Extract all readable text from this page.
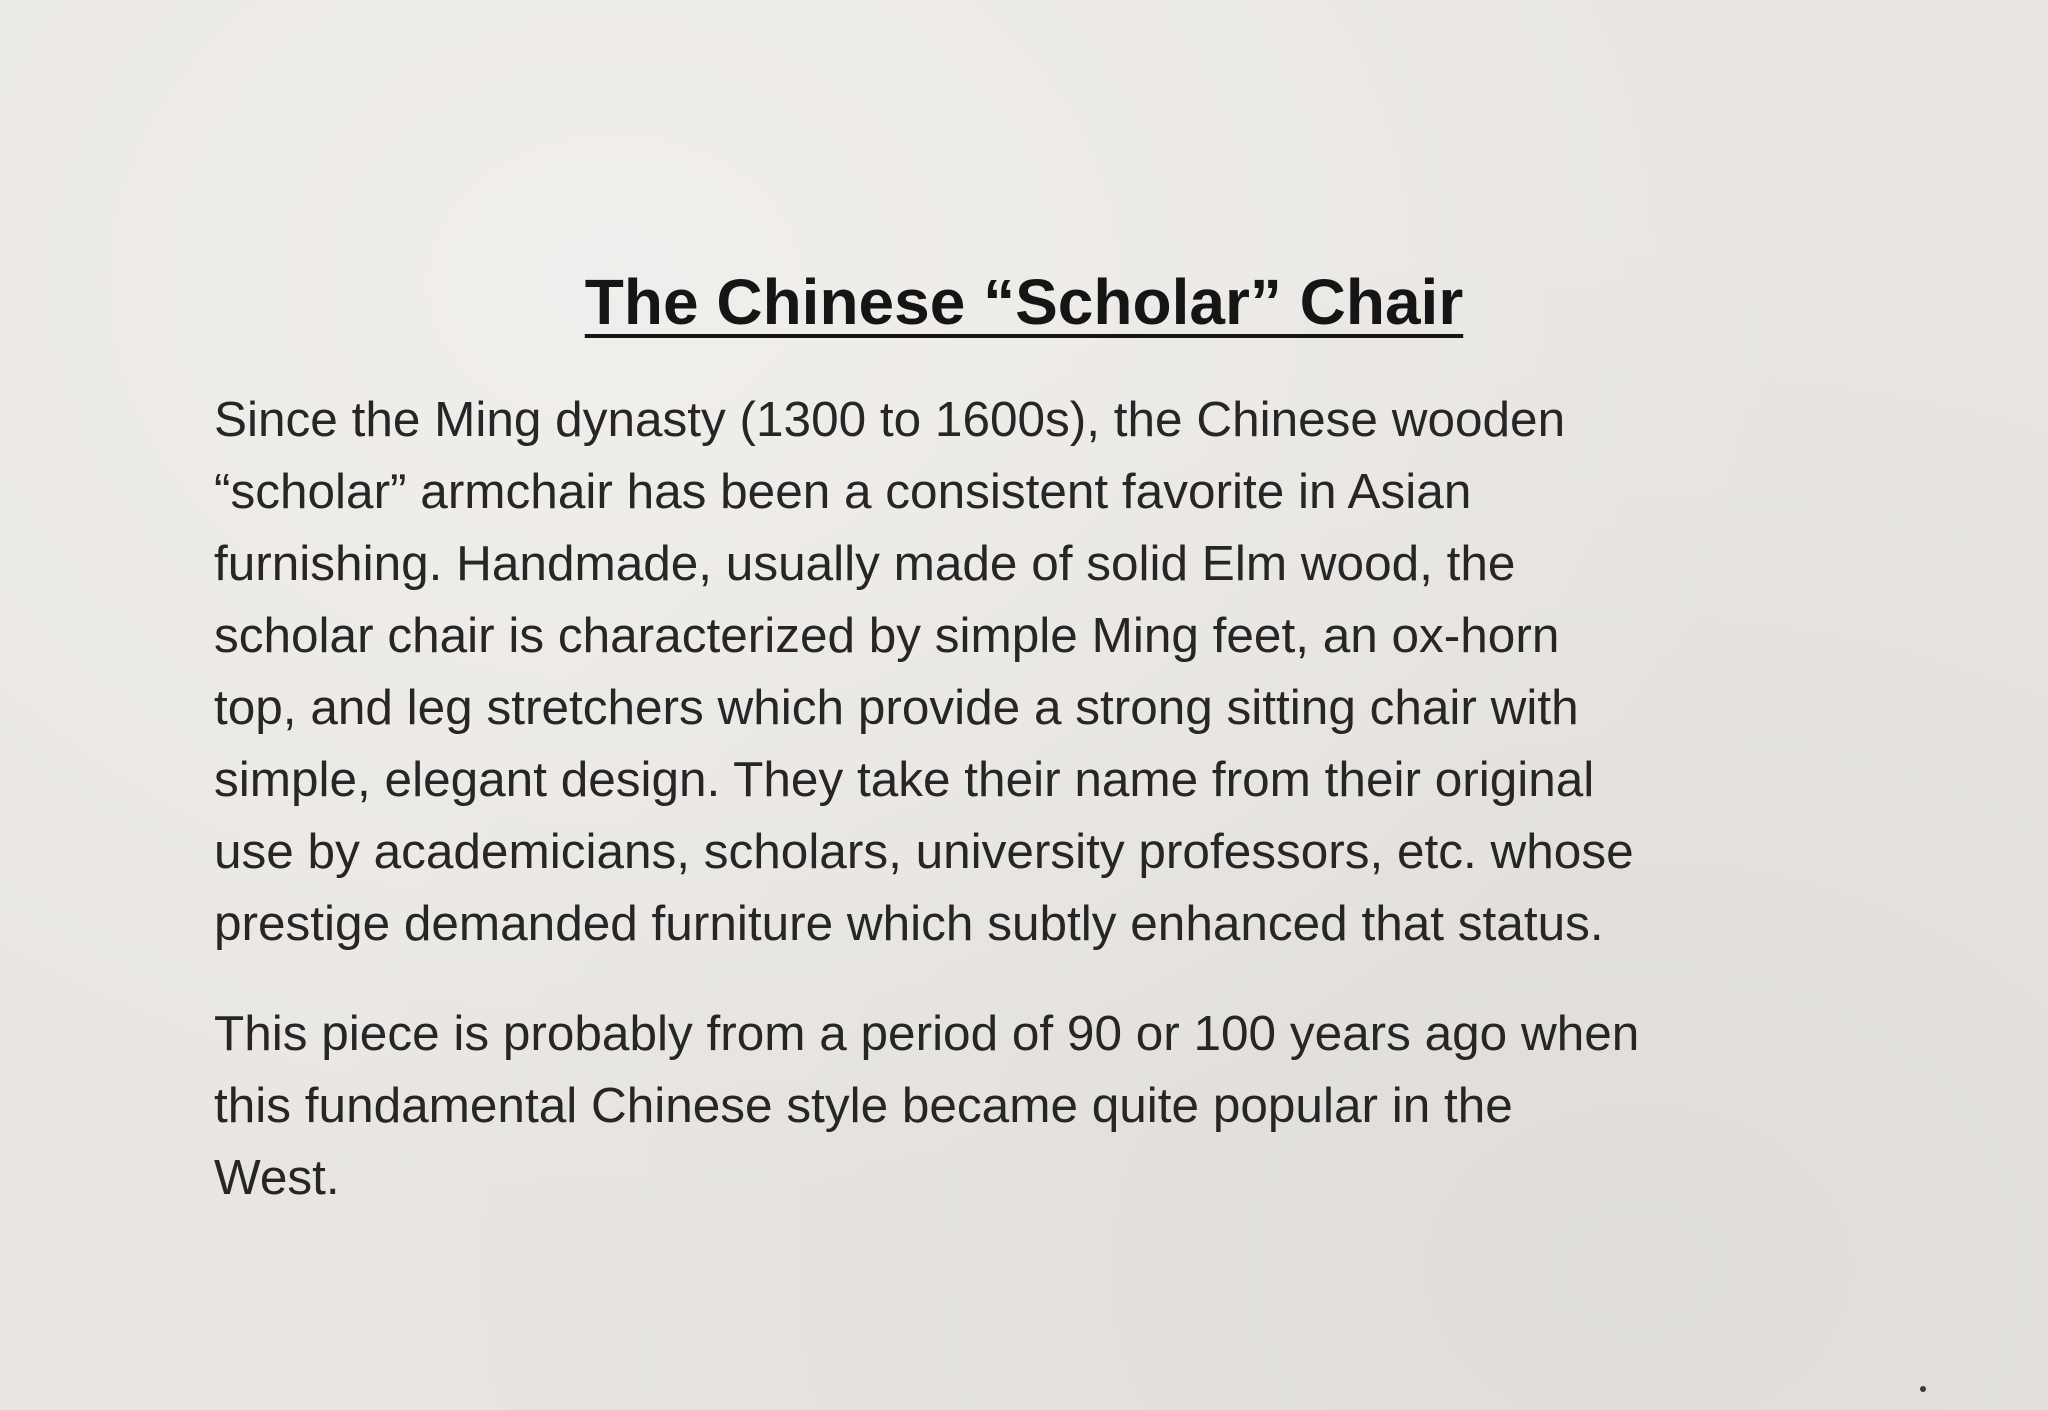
The Chinese “Scholar” Chair

Since the Ming dynasty (1300 to 1600s), the Chinese wooden
“scholar” armchair has been a consistent favorite in Asian
furnishing. Handmade, usually made of solid Elm wood, the
scholar chair is characterized by simple Ming feet, an ox-horn
top, and leg stretchers which provide a strong sitting chair with
simple, elegant design. They take their name from their original
use by academicians, scholars, university professors, etc. whose
prestige demanded furniture which subtly enhanced that status.

This piece is probably from a period of 90 or 100 years ago when
this fundamental Chinese style became quite popular in the
West.
